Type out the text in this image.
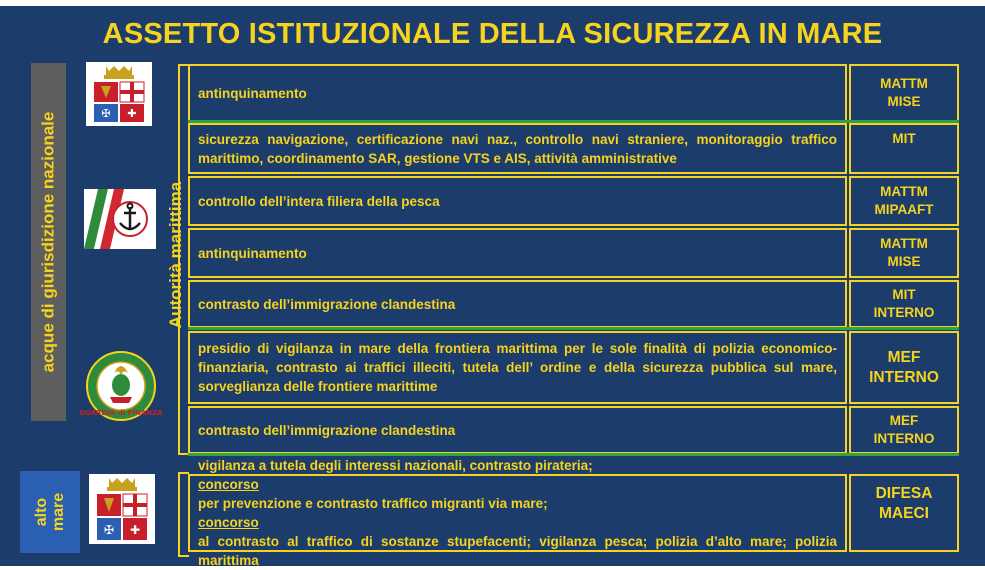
ASSETTO ISTITUZIONALE DELLA SICUREZZA IN MARE
acque di giurisdizione nazionale
alto
mare
Autorità marittima
✠ ✚
GUARDIA di FINANZA
✠ ✚
antinquinamento
MATTM
MISE
sicurezza navigazione, certificazione navi naz., controllo navi straniere, monitoraggio traffico marittimo, coordinamento SAR, gestione VTS e AIS, attività amministrative
MIT
controllo dell’intera filiera della pesca
MATTM
MIPAAFT
antinquinamento
MATTM
MISE
contrasto dell’immigrazione clandestina
MIT
INTERNO
presidio di vigilanza in mare della frontiera marittima per le sole finalità di polizia economico-finanziaria, contrasto ai traffici illeciti, tutela dell’ ordine e della sicurezza pubblica sul mare, sorveglianza delle frontiere marittime
MEF
INTERNO
contrasto dell’immigrazione clandestina
MEF
INTERNO
vigilanza a tutela degli interessi nazionali, contrasto pirateria;
concorso
per prevenzione e contrasto traffico migranti via mare;
concorso
al contrasto al traffico di sostanze stupefacenti; vigilanza pesca; polizia d’alto mare; polizia marittima
DIFESA
MAECI
